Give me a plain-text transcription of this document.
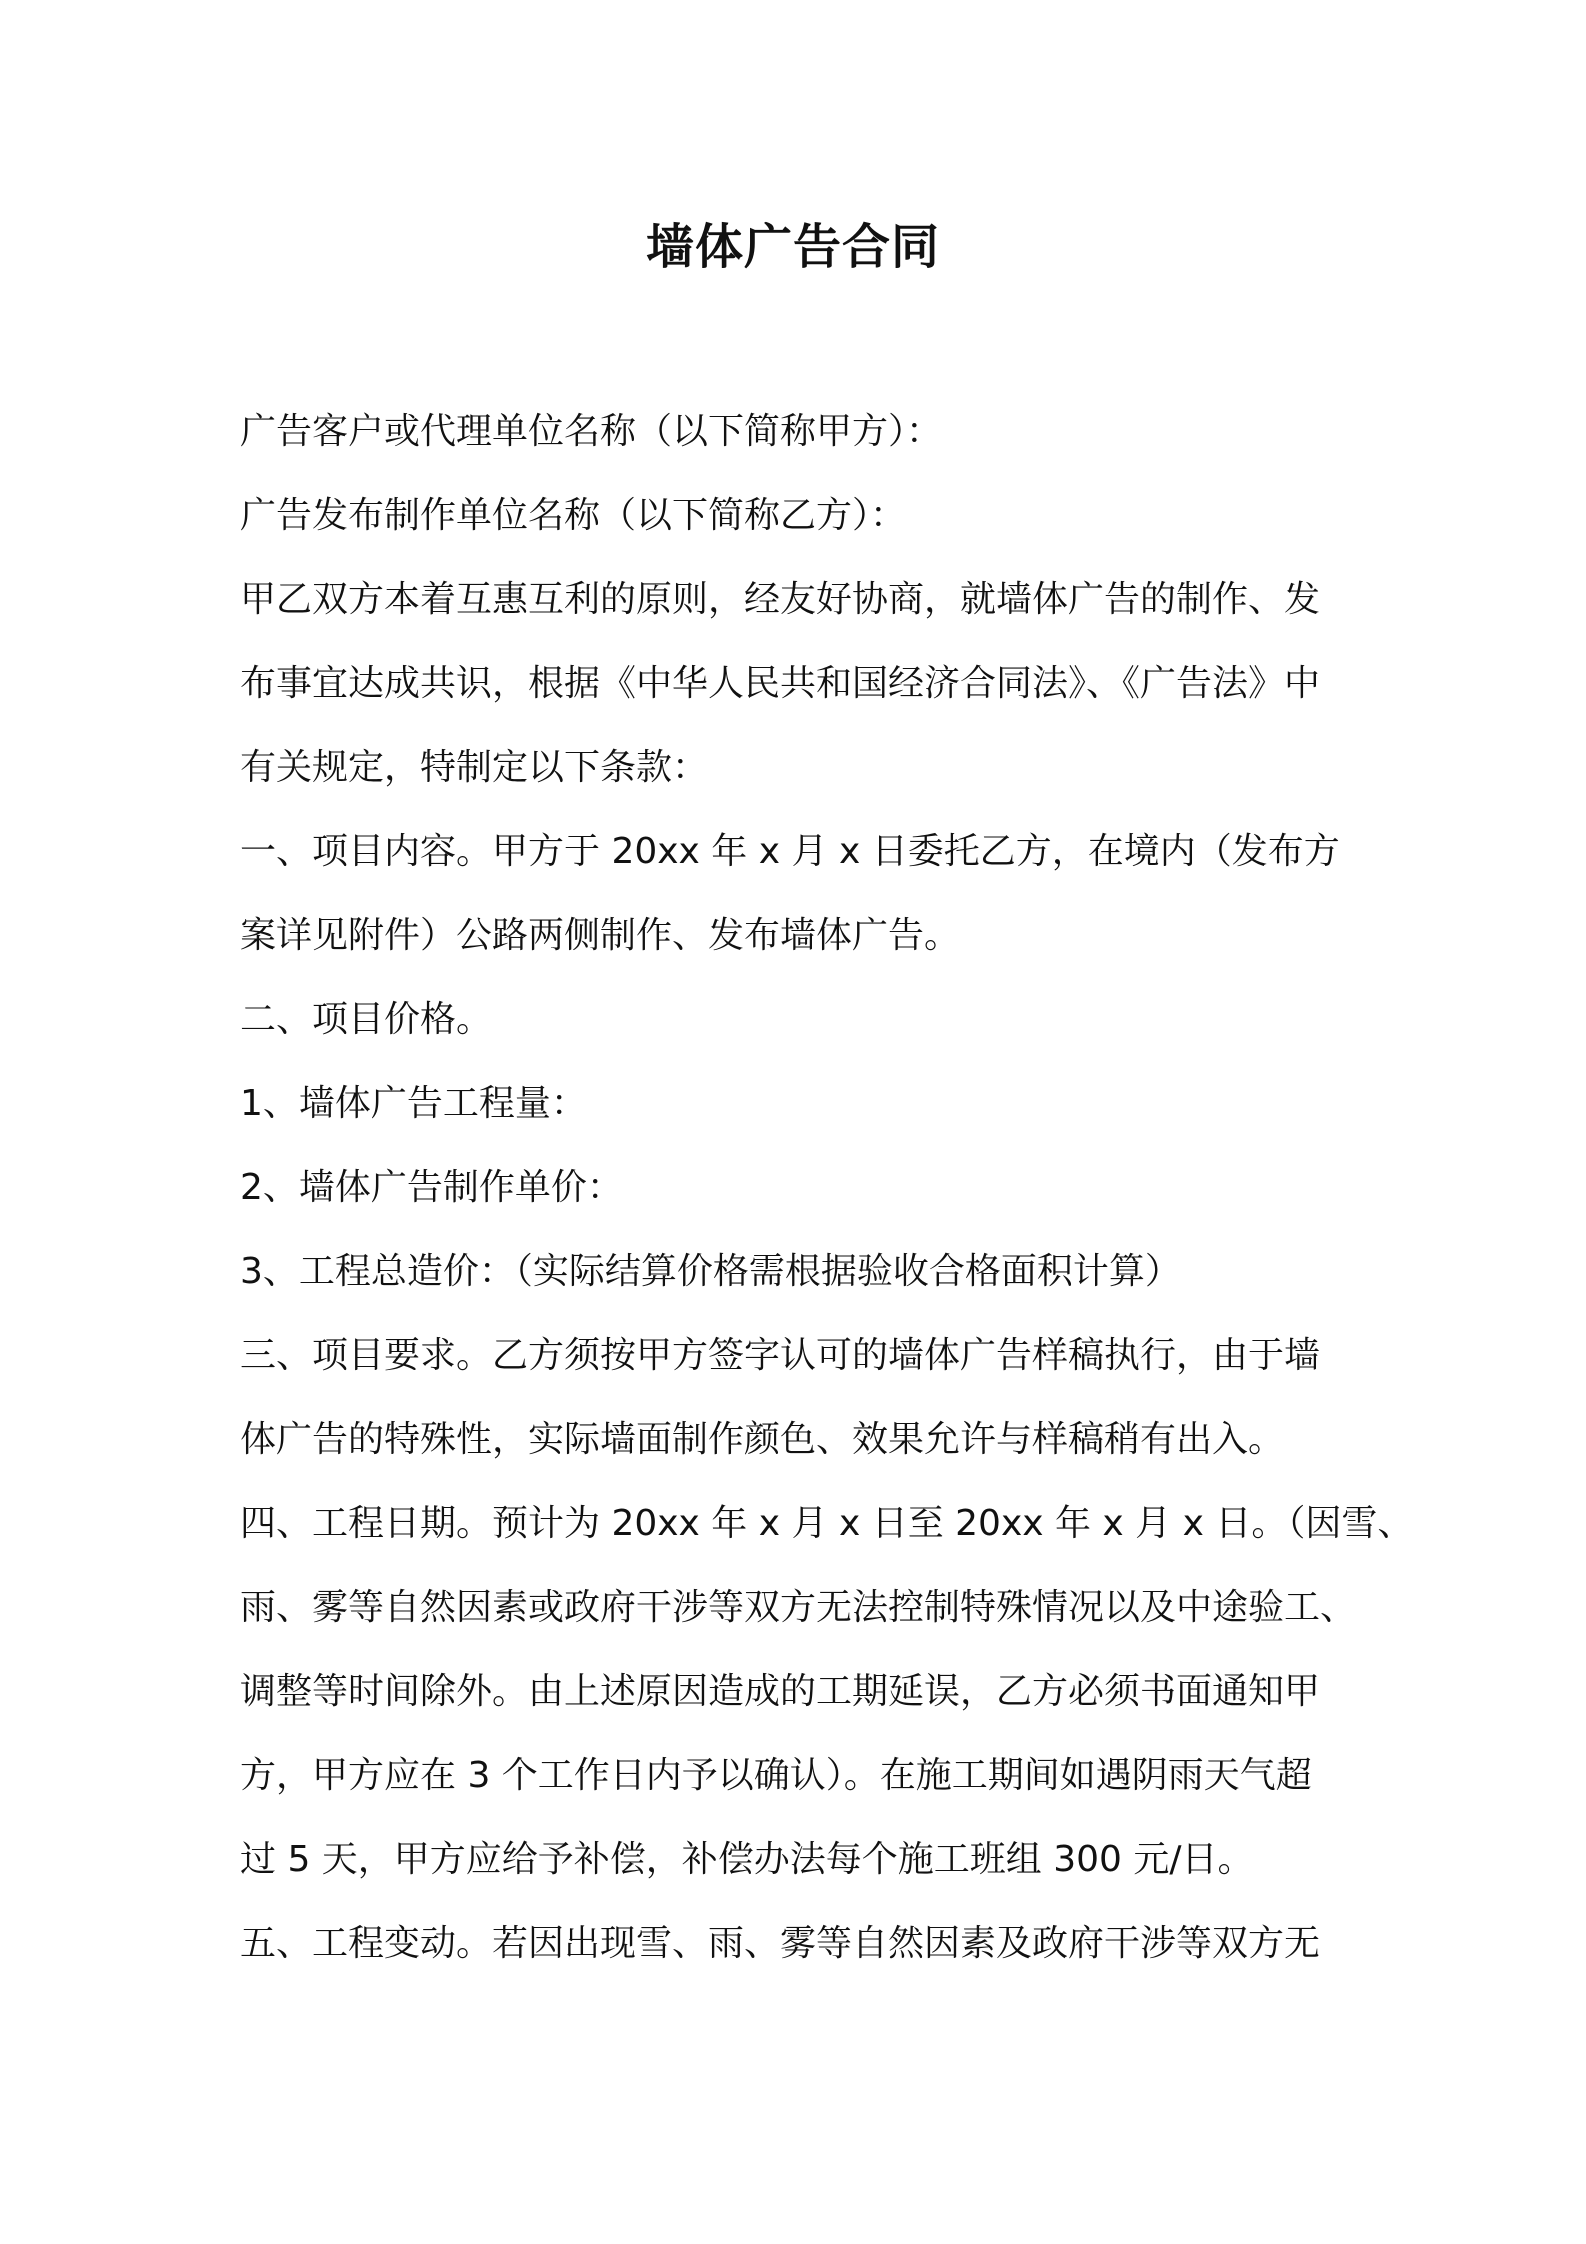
墙体广告合同
广告客户或代理单位名称（以下简称甲方）：
广告发布制作单位名称（以下简称乙方）：
甲乙双方本着互惠互利的原则，经友好协商，就墙体广告的制作、发
布事宜达成共识，根据《中华人民共和国经济合同法》、《广告法》中
有关规定，特制定以下条款：
一、项目内容。甲方于 20xx 年 x 月 x 日委托乙方，在境内（发布方
案详见附件）公路两侧制作、发布墙体广告。
二、项目价格。
1、墙体广告工程量：
2、墙体广告制作单价：
3、工程总造价：（实际结算价格需根据验收合格面积计算）
三、项目要求。乙方须按甲方签字认可的墙体广告样稿执行，由于墙
体广告的特殊性，实际墙面制作颜色、效果允许与样稿稍有出入。
四、工程日期。预计为 20xx 年 x 月 x 日至 20xx 年 x 月 x 日。（因雪、
雨、雾等自然因素或政府干涉等双方无法控制特殊情况以及中途验工、
调整等时间除外。由上述原因造成的工期延误，乙方必须书面通知甲
方，甲方应在 3 个工作日内予以确认）。在施工期间如遇阴雨天气超
过 5 天，甲方应给予补偿，补偿办法每个施工班组 300 元/日。
五、工程变动。若因出现雪、雨、雾等自然因素及政府干涉等双方无
